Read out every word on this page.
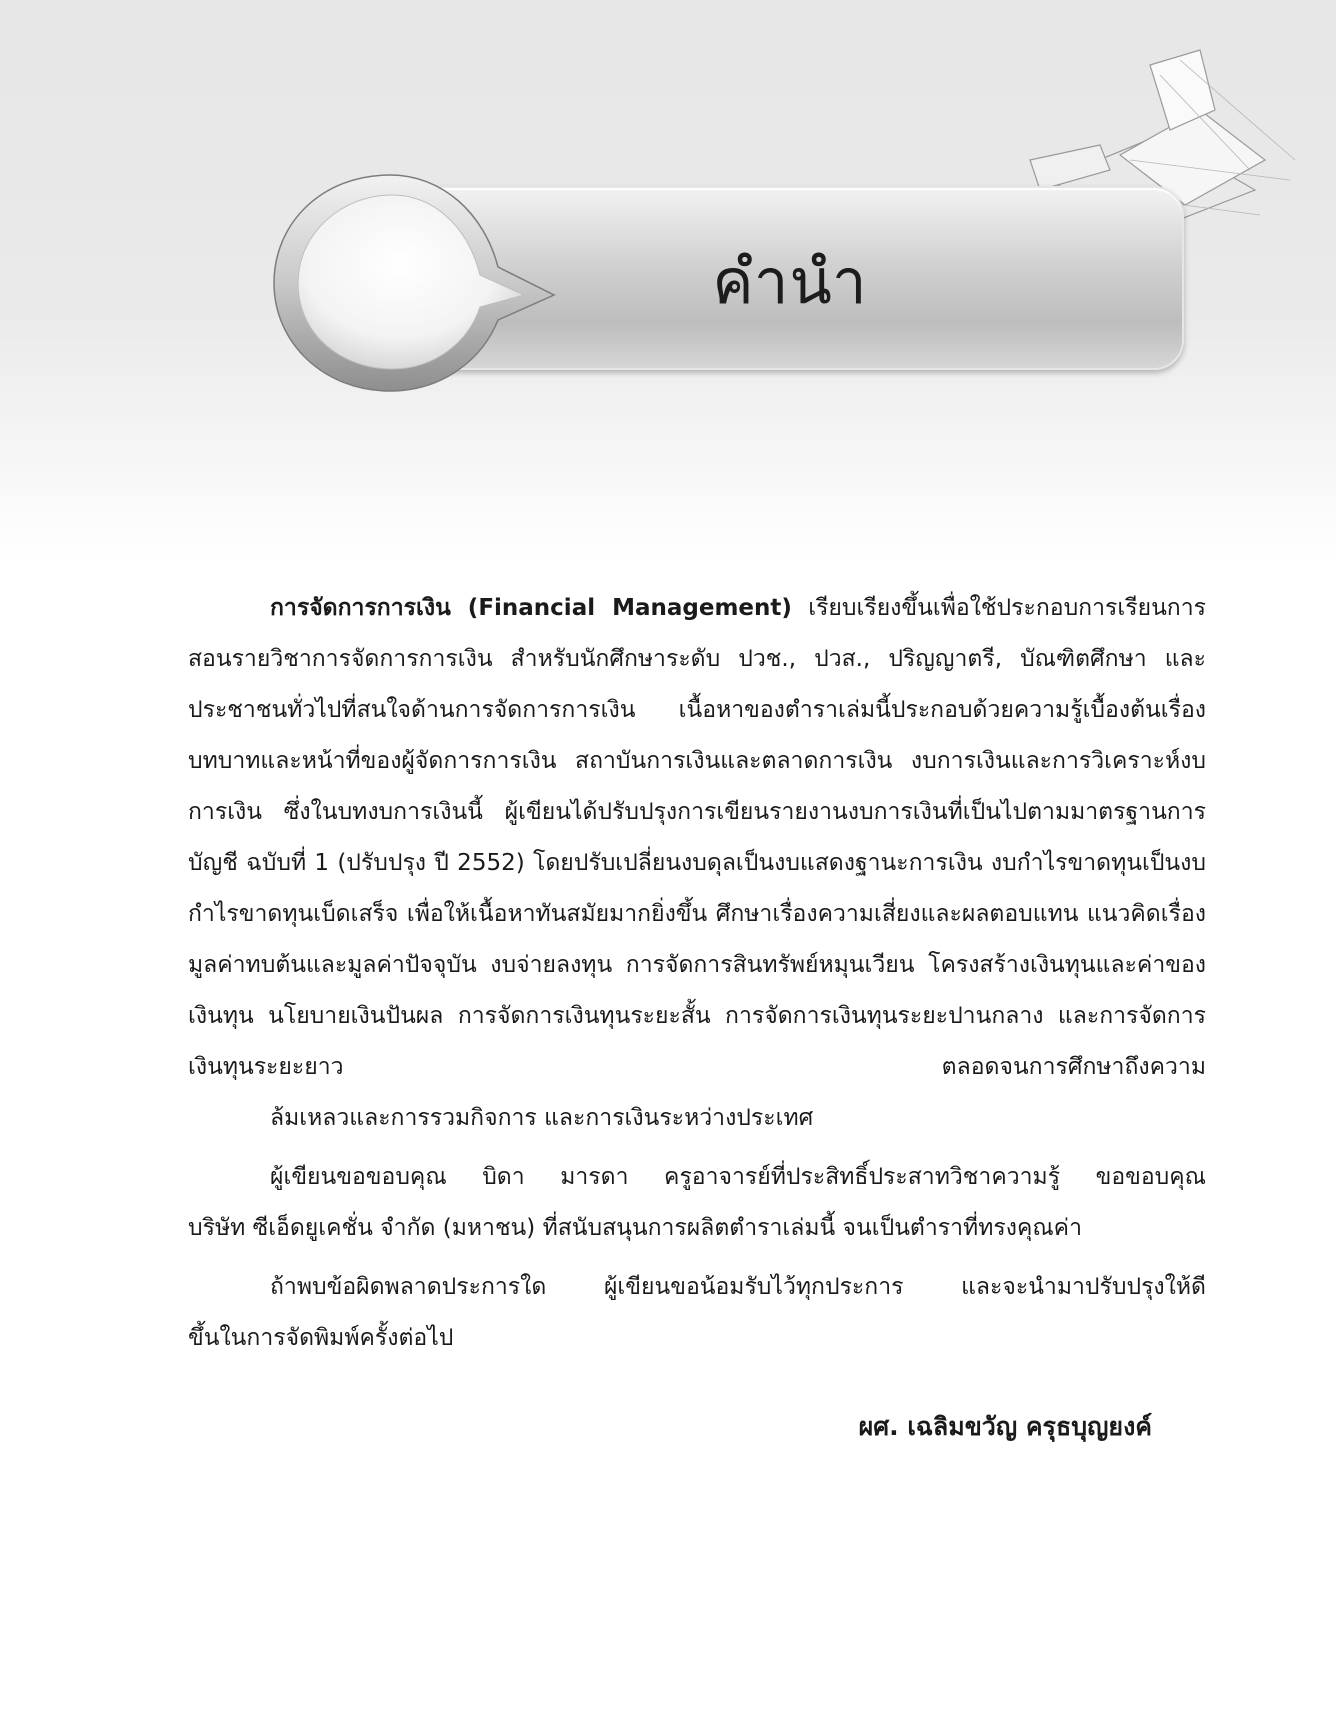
คำนำ

การจัดการการเงิน (Financial Management) เรียบเรียงขึ้นเพื่อใช้ประกอบการเรียนการสอนรายวิชาการจัดการการเงิน สำหรับนักศึกษาระดับ ปวช., ปวส., ปริญญาตรี, บัณฑิตศึกษา และประชาชนทั่วไปที่สนใจด้านการจัดการการเงิน เนื้อหาของตำราเล่มนี้ประกอบด้วยความรู้เบื้องต้นเรื่องบทบาทและหน้าที่ของผู้จัดการการเงิน สถาบันการเงินและตลาดการเงิน งบการเงินและการวิเคราะห์งบการเงิน ซึ่งในบทงบการเงินนี้ ผู้เขียนได้ปรับปรุงการเขียนรายงานงบการเงินที่เป็นไปตามมาตรฐานการบัญชี ฉบับที่ 1 (ปรับปรุง ปี 2552) โดยปรับเปลี่ยนงบดุลเป็นงบแสดงฐานะการเงิน งบกำไรขาดทุนเป็นงบกำไรขาดทุนเบ็ดเสร็จ เพื่อให้เนื้อหาทันสมัยมากยิ่งขึ้น ศึกษาเรื่องความเสี่ยงและผลตอบแทน แนวคิดเรื่องมูลค่าทบต้นและมูลค่าปัจจุบัน งบจ่ายลงทุน การจัดการสินทรัพย์หมุนเวียน โครงสร้างเงินทุนและค่าของเงินทุน นโยบายเงินปันผล การจัดการเงินทุนระยะสั้น การจัดการเงินทุนระยะปานกลาง และการจัดการเงินทุนระยะยาว ตลอดจนการศึกษาถึงความ
ล้มเหลวและการรวมกิจการ และการเงินระหว่างประเทศ

ผู้เขียนขอขอบคุณ บิดา มารดา ครูอาจารย์ที่ประสิทธิ์ประสาทวิชาความรู้ ขอขอบคุณ
บริษัท ซีเอ็ดยูเคชั่น จำกัด (มหาชน) ที่สนับสนุนการผลิตตำราเล่มนี้ จนเป็นตำราที่ทรงคุณค่า

ถ้าพบข้อผิดพลาดประการใด ผู้เขียนขอน้อมรับไว้ทุกประการ และจะนำมาปรับปรุงให้ดี
ขึ้นในการจัดพิมพ์ครั้งต่อไป

ผศ. เฉลิมขวัญ ครุธบุญยงค์
